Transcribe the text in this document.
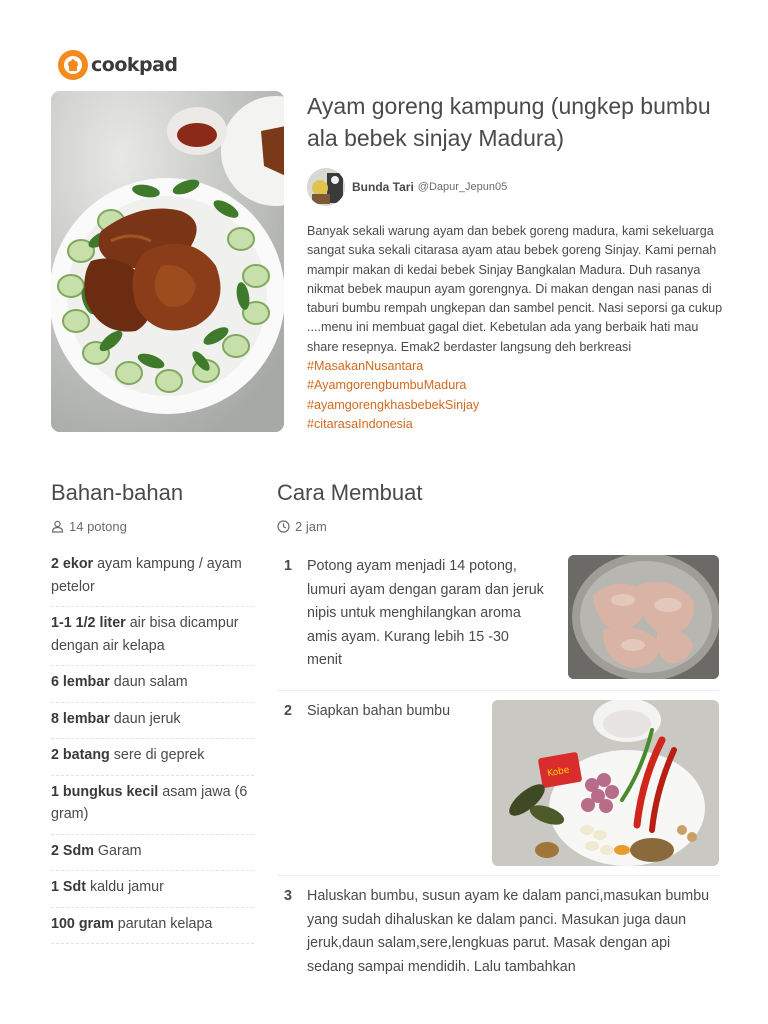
cookpad
Ayam goreng kampung (ungkep bumbu ala bebek sinjay Madura)
Bunda Tari @Dapur_Jepun05
Banyak sekali warung ayam dan bebek goreng madura, kami sekeluarga sangat suka sekali citarasa ayam atau bebek goreng Sinjay. Kami pernah mampir makan di kedai bebek Sinjay Bangkalan Madura. Duh rasanya nikmat bebek maupun ayam gorengnya. Di makan dengan nasi panas di taburi bumbu rempah ungkepan dan sambel pencit. Nasi seporsi ga cukup ....menu ini membuat gagal diet. Kebetulan ada yang berbaik hati mau share resepnya. Emak2 berdaster langsung deh berkreasi
#MasakanNusantara
#AyamgorengbumbuMadura
#ayamgorengkhasbebekSinjay
#citarasaIndonesia
Bahan-bahan
14 potong
2 ekor ayam kampung / ayam petelor
1-1 1/2 liter air bisa dicampur dengan air kelapa
6 lembar daun salam
8 lembar daun jeruk
2 batang sere di geprek
1 bungkus kecil asam jawa (6 gram)
2 Sdm Garam
1 Sdt kaldu jamur
100 gram parutan kelapa
Cara Membuat
2 jam
1 Potong ayam menjadi 14 potong, lumuri ayam dengan garam dan jeruk nipis untuk menghilangkan aroma amis ayam. Kurang lebih 15 -30 menit
2 Siapkan bahan bumbu
Kobe
3 Haluskan bumbu, susun ayam ke dalam panci,masukan bumbu yang sudah dihaluskan ke dalam panci. Masukan juga daun jeruk,daun salam,sere,lengkuas parut. Masak dengan api sedang sampai mendidih. Lalu tambahkan
